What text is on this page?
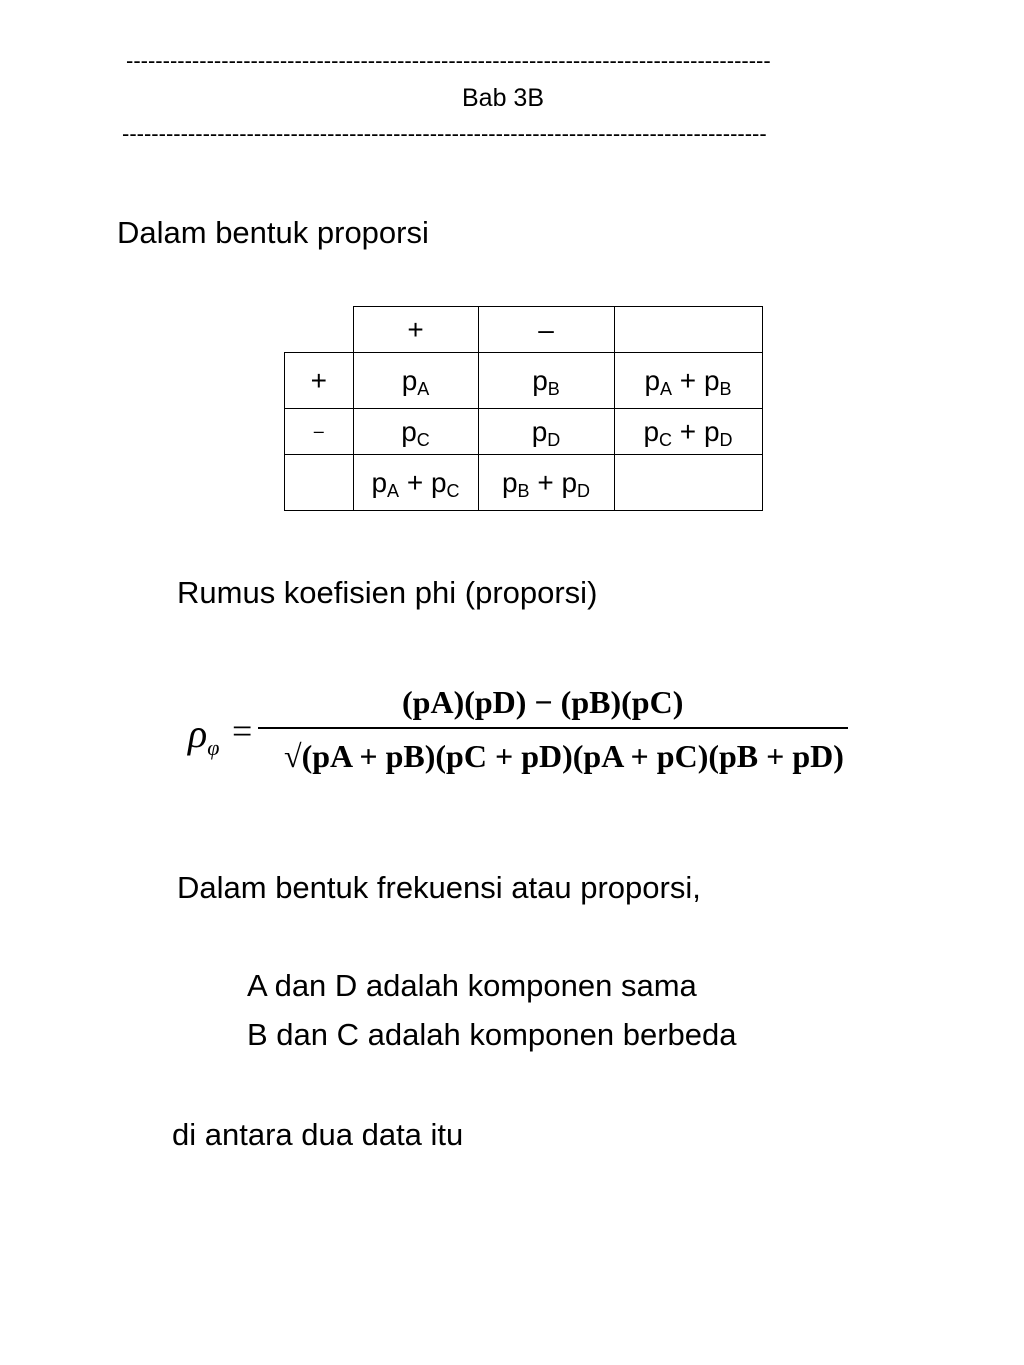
----------------------------------------------------------------------------------------
Bab 3B
----------------------------------------------------------------------------------------
Dalam bentuk proporsi
	+	–	
+	$p_A$	$p_B$	$p_A + p_B$
–	$p_C$	$p_D$	$p_C + p_D$
	$p_A + p_C$	$p_B + p_D$	
Rumus koefisien phi (proporsi)
$\rho_\varphi$ =
(pA)(pD) − (pB)(pC)
√(pA + pB)(pC + pD)(pA + pC)(pB + pD)
Dalam bentuk frekuensi atau proporsi,
A dan D adalah komponen sama
B dan C adalah komponen berbeda
di antara dua data itu
